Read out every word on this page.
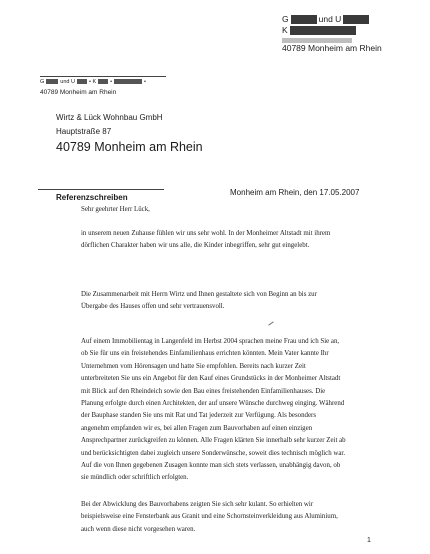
G	und U
K
40789 Monheim am Rhein
G	und U	• K	•	•
40789 Monheim am Rhein
Wirtz & Lück Wohnbau GmbH
Hauptstraße 87
40789 Monheim am Rhein
Referenzschreiben
Monheim am Rhein, den 17.05.2007
Sehr geehrter Herr Lück,

in unserem neuen Zuhause fühlen wir uns sehr wohl. In der Monheimer Altstadt mit ihrem

dörflichen Charakter haben wir uns alle, die Kinder inbegriffen, sehr gut eingelebt.

Die Zusammenarbeit mit Herrn Wirtz und Ihnen gestaltete sich von Beginn an bis zur

Übergabe des Hauses offen und sehr vertrauensvoll.

Auf einem Immobilientag in Langenfeld im Herbst 2004 sprachen meine Frau und ich Sie an,

ob Sie für uns ein freistehendes Einfamilienhaus errichten könnten. Mein Vater kannte Ihr

Unternehmen vom Hörensagen und hatte Sie empfohlen. Bereits nach kurzer Zeit

unterbreiteten Sie uns ein Angebot für den Kauf eines Grundstücks in der Monheimer Altstadt

mit Blick auf den Rheindeich sowie den Bau eines freistehenden Einfamilienhauses. Die

Planung erfolgte durch einen Architekten, der auf unsere Wünsche durchweg einging. Während

der Bauphase standen Sie uns mit Rat und Tat jederzeit zur Verfügung. Als besonders

angenehm empfanden wir es, bei allen Fragen zum Bauvorhaben auf einen einzigen

Ansprechpartner zurückgreifen zu können. Alle Fragen klärten Sie innerhalb sehr kurzer Zeit ab

und berücksichtigten dabei zugleich unsere Sonderwünsche, soweit dies technisch möglich war.

Auf die von Ihnen gegebenen Zusagen konnte man sich stets verlassen, unabhängig davon, ob

sie mündlich oder schriftlich erfolgten.

Bei der Abwicklung des Bauvorhabens zeigten Sie sich sehr kulant. So erhielten wir

beispielsweise eine Fensterbank aus Granit und eine Schornsteinverkleidung aus Aluminium,

auch wenn diese nicht vorgesehen waren.

1
